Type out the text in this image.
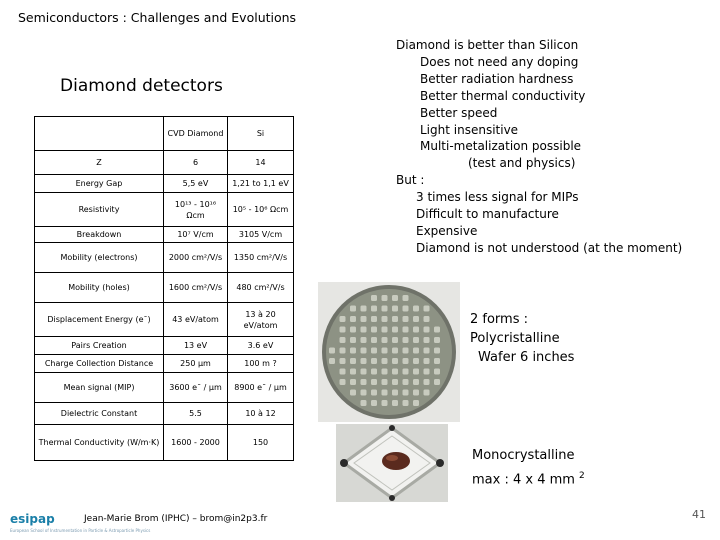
Semiconductors : Challenges and Evolutions
Diamond detectors
	CVD Diamond	Si
Z	6	14
Energy Gap	5,5 eV	1,21 to 1,1 eV
Resistivity	10¹³ - 10¹⁶ Ωcm	10⁵ - 10⁶ Ωcm
Breakdown	10⁷ V/cm	3105 V/cm
Mobility (electrons)	2000 cm²/V/s	1350 cm²/V/s
Mobility (holes)	1600 cm²/V/s	480 cm²/V/s
Displacement Energy (eˉ)	43 eV/atom	13 à 20 eV/atom
Pairs Creation	13 eV	3.6 eV
Charge Collection Distance	250 μm	100 m ?
Mean signal (MIP)	3600 eˉ / μm	8900 eˉ / μm
Dielectric Constant	5.5	10 à 12
Thermal Conductivity (W/m·K)	1600 - 2000	150
Diamond is better than Silicon
Does not need any doping
Better radiation hardness
Better thermal conductivity
Better speed
Light insensitive
Multi-metalization possible
(test and physics)
But :
3 times less signal for MIPs
Difficult to manufacture
Expensive
Diamond is not understood (at the moment)
2 forms :
Polycristalline
Wafer 6 inches
Monocrystalline
max : 4 x 4 mm $^2$
esipap
European School of Instrumentation in Particle & Astroparticle Physics
Jean-Marie Brom (IPHC) – brom@in2p3.fr	41
